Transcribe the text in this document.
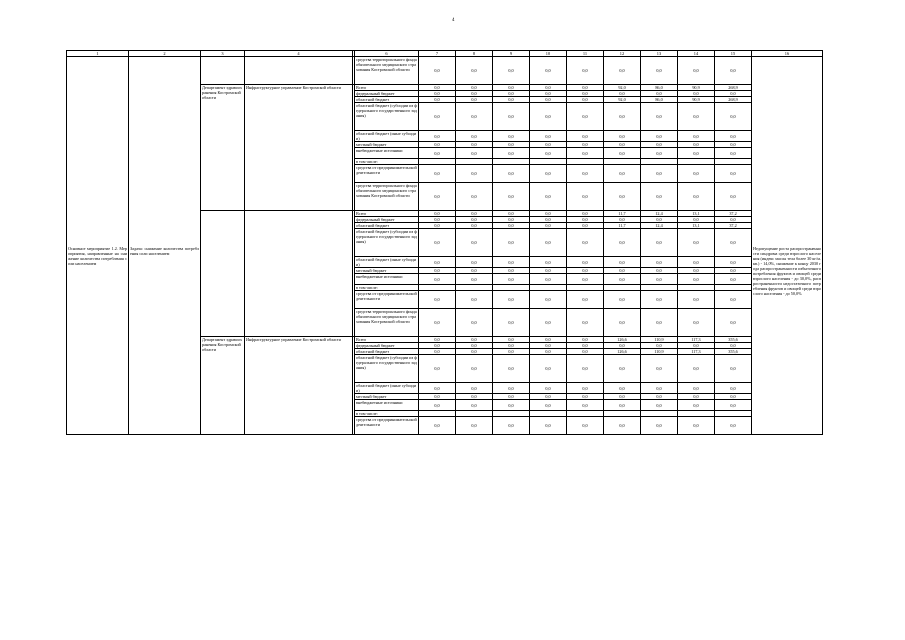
4
1	2	3	4		6	7	8	9	10	11	12	13	14	15	16
Основное мероприятие 1.2. Мероприятия, направленные на снижение количества потребления соли населением	Задача: снижение количества потребления соли населением				средства территориального фонда обязательного медицинского страхования Костромской области	0,0	0,0	0,0	0,0	0,0	0,0	0,0	0,0	0,0	Недопущение роста распространенности синдрома среди взрослого населения (индекс массы тела более 30 кг/м.кв.) - 14,0%, снижение к концу 2030 года распространенности избыточного потребления фруктов и овощей среди взрослого населения - до 30,0%, распространенности недостаточного потребления фруктов и овощей среди взрослого населения - до 50,0%

		Департамент здравоохранения Костромской области	Инфраструктурное управление Костромской области		Всего	0,0	0,0	0,0	0,0	0,0	92,0	86,0	90,9	268,9	
					федеральный бюджет	0,0	0,0	0,0	0,0	0,0	0,0	0,0	0,0	0,0	
					областной бюджет	0,0	0,0	0,0	0,0	0,0	92,0	86,0	90,9	268,9	
					областной бюджет (субсидии из федерального государственного задания)	0,0	0,0	0,0	0,0	0,0	0,0	0,0	0,0	0,0	
					областной бюджет (иные субсидии)	0,0	0,0	0,0	0,0	0,0	0,0	0,0	0,0	0,0	
					местный бюджет	0,0	0,0	0,0	0,0	0,0	0,0	0,0	0,0	0,0	
					внебюджетные источники	0,0	0,0	0,0	0,0	0,0	0,0	0,0	0,0	0,0	
					в том числе:										
					средства от предпринимательской деятельности	0,0	0,0	0,0	0,0	0,0	0,0	0,0	0,0	0,0	
					средства территориального фонда обязательного медицинского страхования Костромской области	0,0	0,0	0,0	0,0	0,0	0,0	0,0	0,0	0,0	
					Всего	0,0	0,0	0,0	0,0	0,0	11,7	12,4	13,1	37,2	
					федеральный бюджет	0,0	0,0	0,0	0,0	0,0	0,0	0,0	0,0	0,0	
					областной бюджет	0,0	0,0	0,0	0,0	0,0	11,7	12,4	13,1	37,2	
					областной бюджет (субсидии из федерального государственного задания)	0,0	0,0	0,0	0,0	0,0	0,0	0,0	0,0	0,0	
					областной бюджет (иные субсидии)	0,0	0,0	0,0	0,0	0,0	0,0	0,0	0,0	0,0	
					местный бюджет	0,0	0,0	0,0	0,0	0,0	0,0	0,0	0,0	0,0	
					внебюджетные источники	0,0	0,0	0,0	0,0	0,0	0,0	0,0	0,0	0,0	
					в том числе:										
					средства от предпринимательской деятельности	0,0	0,0	0,0	0,0	0,0	0,0	0,0	0,0	0,0	
					средства территориального фонда обязательного медицинского страхования Костромской области	0,0	0,0	0,0	0,0	0,0	0,0	0,0	0,0	0,0	
		Департамент здравоохранения Костромской области	Инфраструктурное управление Костромской области		Всего	0,0	0,0	0,0	0,0	0,0	126,6	110,9	117,3	355,6	
					федеральный бюджет	0,0	0,0	0,0	0,0	0,0	0,0	0,0	0,0	0,0	
					областной бюджет	0,0	0,0	0,0	0,0	0,0	126,6	110,9	117,3	355,6	
					областной бюджет (субсидии из федерального государственного задания)	0,0	0,0	0,0	0,0	0,0	0,0	0,0	0,0	0,0	
					областной бюджет (иные субсидии)	0,0	0,0	0,0	0,0	0,0	0,0	0,0	0,0	0,0	
					местный бюджет	0,0	0,0	0,0	0,0	0,0	0,0	0,0	0,0	0,0	
					внебюджетные источники	0,0	0,0	0,0	0,0	0,0	0,0	0,0	0,0	0,0	
					в том числе:										
					средства от предпринимательской деятельности	0,0	0,0	0,0	0,0	0,0	0,0	0,0	0,0	0,0	
